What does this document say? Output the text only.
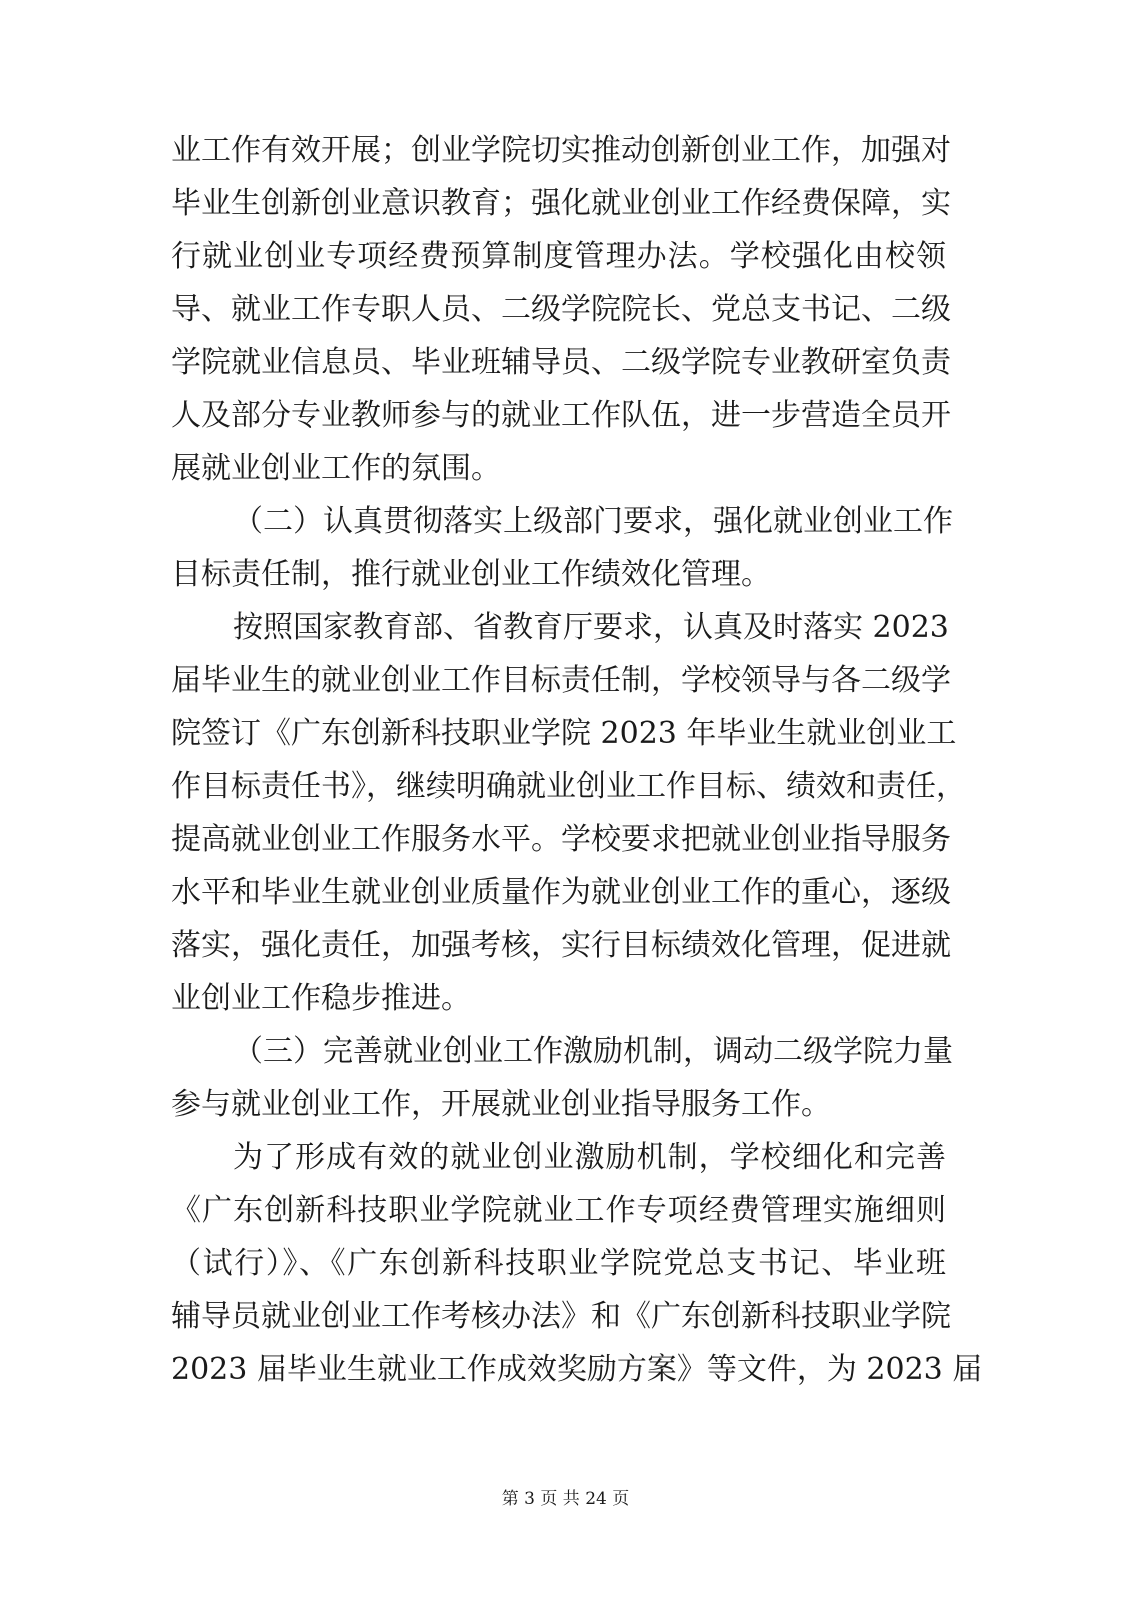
业工作有效开展；创业学院切实推动创新创业工作，加强对
毕业生创新创业意识教育；强化就业创业工作经费保障，实
行就业创业专项经费预算制度管理办法。学校强化由校领
导、就业工作专职人员、二级学院院长、党总支书记、二级
学院就业信息员、毕业班辅导员、二级学院专业教研室负责
人及部分专业教师参与的就业工作队伍，进一步营造全员开
展就业创业工作的氛围。
（二）认真贯彻落实上级部门要求，强化就业创业工作
目标责任制，推行就业创业工作绩效化管理。
按照国家教育部、省教育厅要求，认真及时落实 2023
届毕业生的就业创业工作目标责任制，学校领导与各二级学
院签订《广东创新科技职业学院 2023 年毕业生就业创业工
作目标责任书》，继续明确就业创业工作目标、绩效和责任，
提高就业创业工作服务水平。学校要求把就业创业指导服务
水平和毕业生就业创业质量作为就业创业工作的重心，逐级
落实，强化责任，加强考核，实行目标绩效化管理，促进就
业创业工作稳步推进。
（三）完善就业创业工作激励机制，调动二级学院力量
参与就业创业工作，开展就业创业指导服务工作。
为了形成有效的就业创业激励机制，学校细化和完善
《广东创新科技职业学院就业工作专项经费管理实施细则
（试行）》、《广东创新科技职业学院党总支书记、毕业班
辅导员就业创业工作考核办法》和《广东创新科技职业学院
2023 届毕业生就业工作成效奖励方案》等文件，为 2023 届
第 3 页 共 24 页
